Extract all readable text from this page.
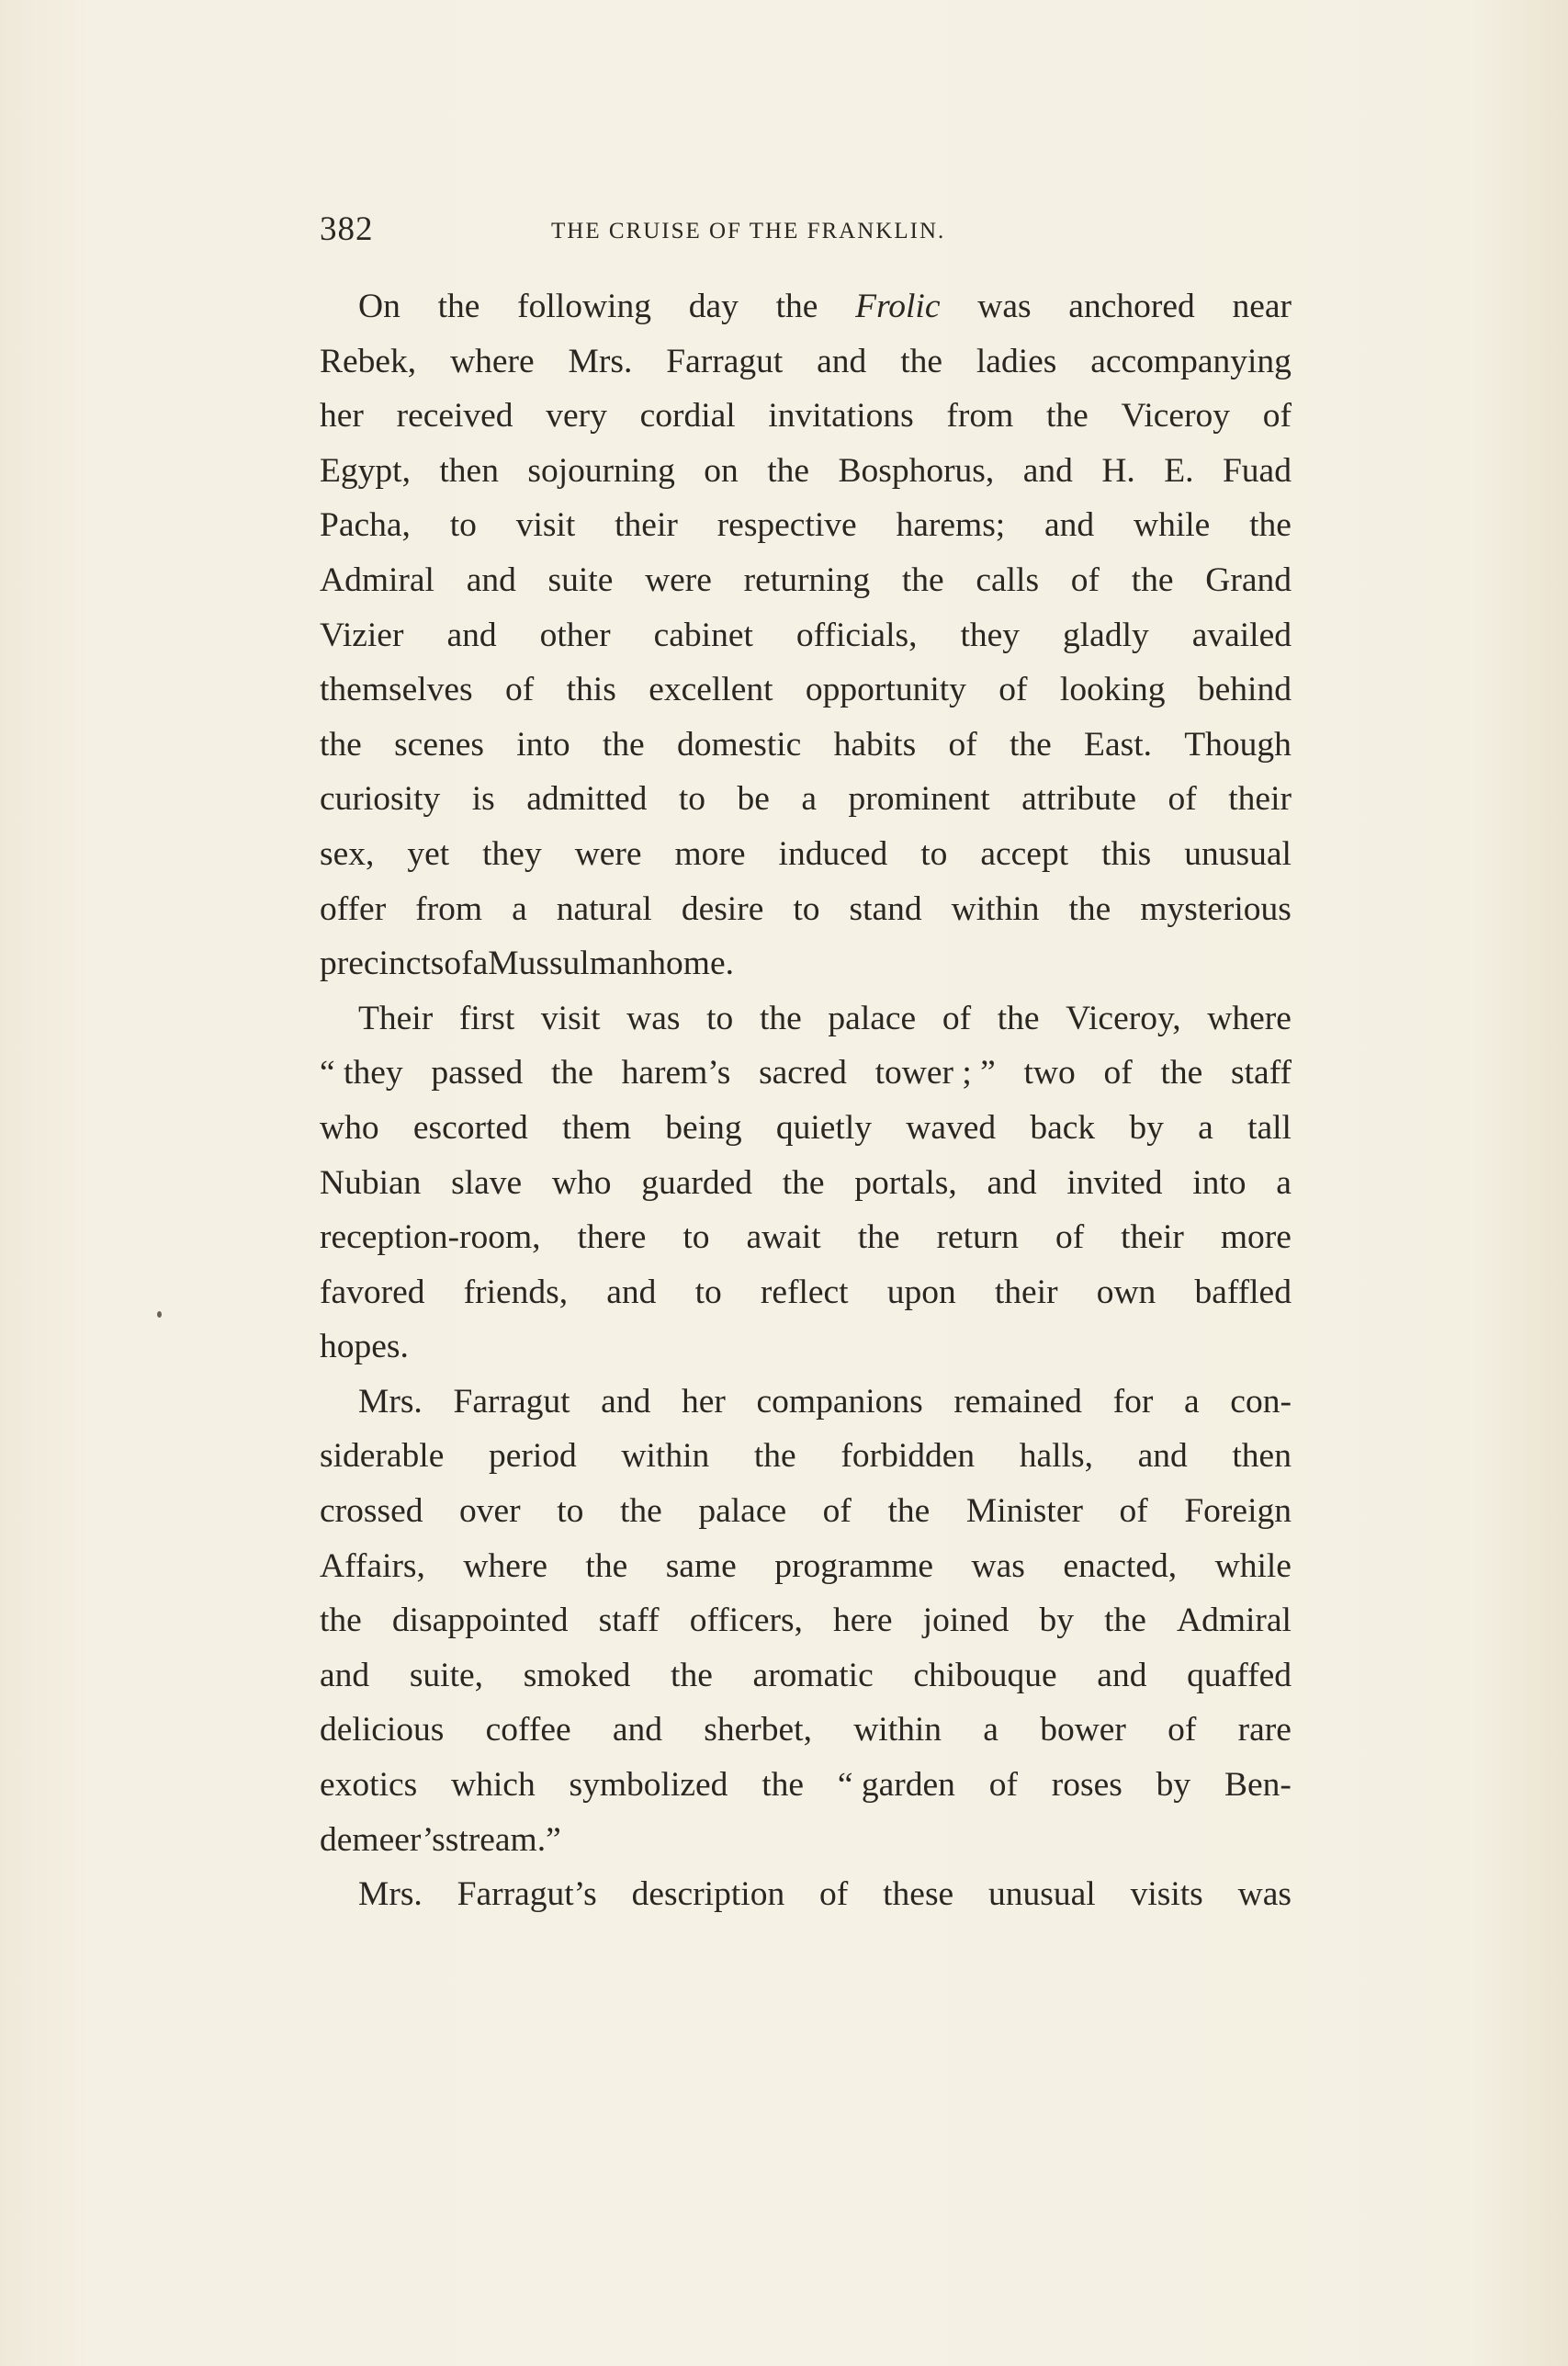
382	THE CRUISE OF THE FRANKLIN.
On the following day the Frolic was anchored near
Rebek, where Mrs. Farragut and the ladies accompanying
her received very cordial invitations from the Viceroy of
Egypt, then sojourning on the Bosphorus, and H. E. Fuad
Pacha, to visit their respective harems; and while the
Admiral and suite were returning the calls of the Grand
Vizier and other cabinet officials, they gladly availed
themselves of this excellent opportunity of looking behind
the scenes into the domestic habits of the East. Though
curiosity is admitted to be a prominent attribute of their
sex, yet they were more induced to accept this unusual
offer from a natural desire to stand within the mysterious
precincts of a Mussulman home.
Their first visit was to the palace of the Viceroy, where
“ they passed the harem’s sacred tower ; ” two of the staff
who escorted them being quietly waved back by a tall
Nubian slave who guarded the portals, and invited into a
reception-room, there to await the return of their more
favored friends, and to reflect upon their own baffled
hopes.
Mrs. Farragut and her companions remained for a con-
siderable period within the forbidden halls, and then
crossed over to the palace of the Minister of Foreign
Affairs, where the same programme was enacted, while
the disappointed staff officers, here joined by the Admiral
and suite, smoked the aromatic chibouque and quaffed
delicious coffee and sherbet, within a bower of rare
exotics which symbolized the “ garden of roses by Ben-
demeer’s stream.”
Mrs. Farragut’s description of these unusual visits was
